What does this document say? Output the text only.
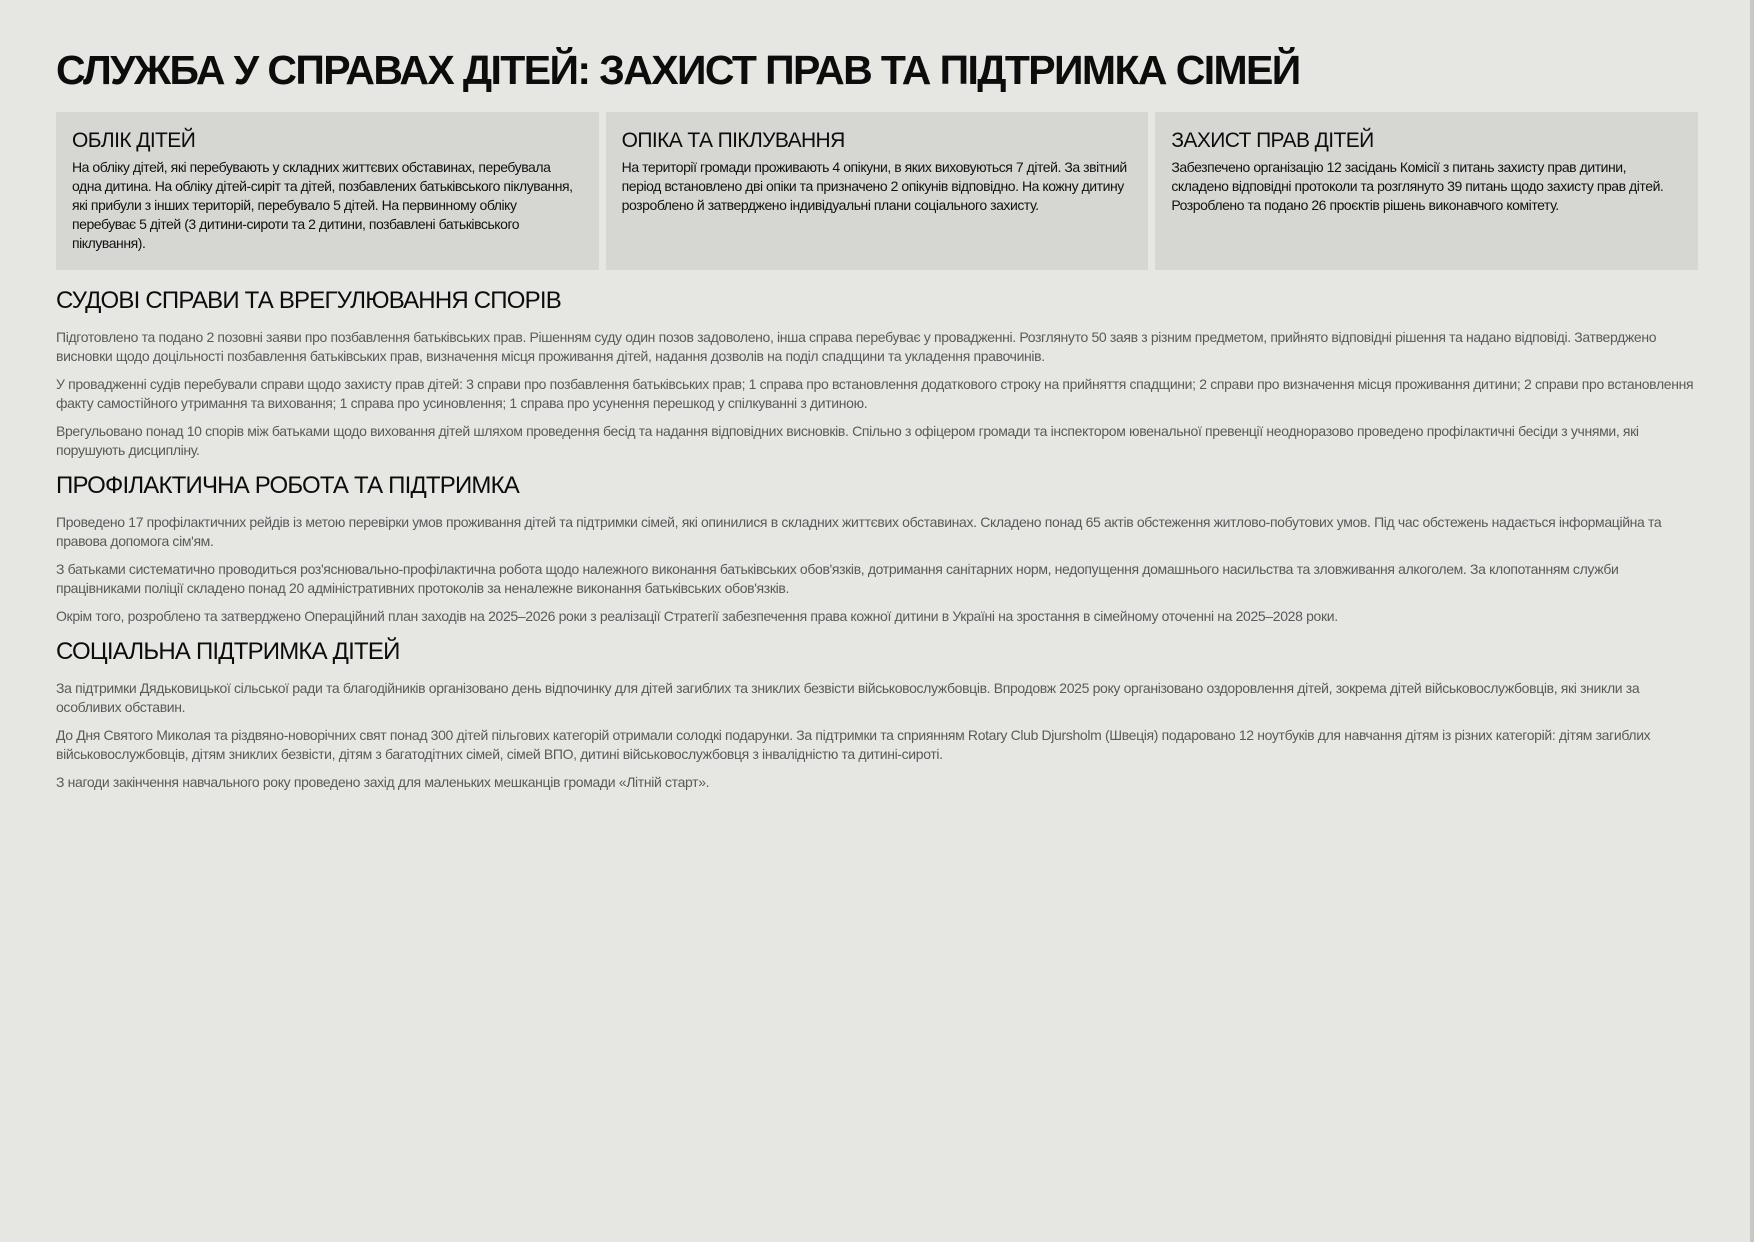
СЛУЖБА У СПРАВАХ ДІТЕЙ: ЗАХИСТ ПРАВ ТА ПІДТРИМКА СІМЕЙ
ОБЛІК ДІТЕЙ

На обліку дітей, які перебувають у складних життєвих обставинах, перебувала одна дитина. На обліку дітей-сиріт та дітей, позбавлених батьківського піклування, які прибули з інших територій, перебувало 5 дітей. На первинному обліку перебуває 5 дітей (3 дитини-сироти та 2 дитини, позбавлені батьківського піклування).

ОПІКА ТА ПІКЛУВАННЯ

На території громади проживають 4 опікуни, в яких виховуються 7 дітей. За звітний період встановлено дві опіки та призначено 2 опікунів відповідно. На кожну дитину розроблено й затверджено індивідуальні плани соціального захисту.

ЗАХИСТ ПРАВ ДІТЕЙ

Забезпечено організацію 12 засідань Комісії з питань захисту прав дитини, складено відповідні протоколи та розглянуто 39 питань щодо захисту прав дітей. Розроблено та подано 26 проєктів рішень виконавчого комітету.

СУДОВІ СПРАВИ ТА ВРЕГУЛЮВАННЯ СПОРІВ

Підготовлено та подано 2 позовні заяви про позбавлення батьківських прав. Рішенням суду один позов задоволено, інша справа перебуває у провадженні. Розглянуто 50 заяв з різним предметом, прийнято відповідні рішення та надано відповіді. Затверджено висновки щодо доцільності позбавлення батьківських прав, визначення місця проживання дітей, надання дозволів на поділ спадщини та укладення правочинів.

У провадженні судів перебували справи щодо захисту прав дітей: 3 справи про позбавлення батьківських прав; 1 справа про встановлення додаткового строку на прийняття спадщини; 2 справи про визначення місця проживання дитини; 2 справи про встановлення факту самостійного утримання та виховання; 1 справа про усиновлення; 1 справа про усунення перешкод у спілкуванні з дитиною.

Врегульовано понад 10 спорів між батьками щодо виховання дітей шляхом проведення бесід та надання відповідних висновків. Спільно з офіцером громади та інспектором ювенальної превенції неодноразово проведено профілактичні бесіди з учнями, які порушують дисципліну.

ПРОФІЛАКТИЧНА РОБОТА ТА ПІДТРИМКА

Проведено 17 профілактичних рейдів із метою перевірки умов проживання дітей та підтримки сімей, які опинилися в складних життєвих обставинах. Складено понад 65 актів обстеження житлово-побутових умов. Під час обстежень надається інформаційна та правова допомога сім'ям.

З батьками систематично проводиться роз'яснювально-профілактична робота щодо належного виконання батьківських обов'язків, дотримання санітарних норм, недопущення домашнього насильства та зловживання алкоголем. За клопотанням служби працівниками поліції складено понад 20 адміністративних протоколів за неналежне виконання батьківських обов'язків.

Окрім того, розроблено та затверджено Операційний план заходів на 2025–2026 роки з реалізації Стратегії забезпечення права кожної дитини в Україні на зростання в сімейному оточенні на 2025–2028 роки.

СОЦІАЛЬНА ПІДТРИМКА ДІТЕЙ

За підтримки Дядьковицької сільської ради та благодійників організовано день відпочинку для дітей загиблих та зниклих безвісти військовослужбовців. Впродовж 2025 року організовано оздоровлення дітей, зокрема дітей військовослужбовців, які зникли за особливих обставин.

До Дня Святого Миколая та різдвяно-новорічних свят понад 300 дітей пільгових категорій отримали солодкі подарунки. За підтримки та сприянням Rotary Club Djursholm (Швеція) подаровано 12 ноутбуків для навчання дітям із різних категорій: дітям загиблих військовослужбовців, дітям зниклих безвісти, дітям з багатодітних сімей, сімей ВПО, дитині військовослужбовця з інвалідністю та дитині-сироті.

З нагоди закінчення навчального року проведено захід для маленьких мешканців громади «Літній старт».
